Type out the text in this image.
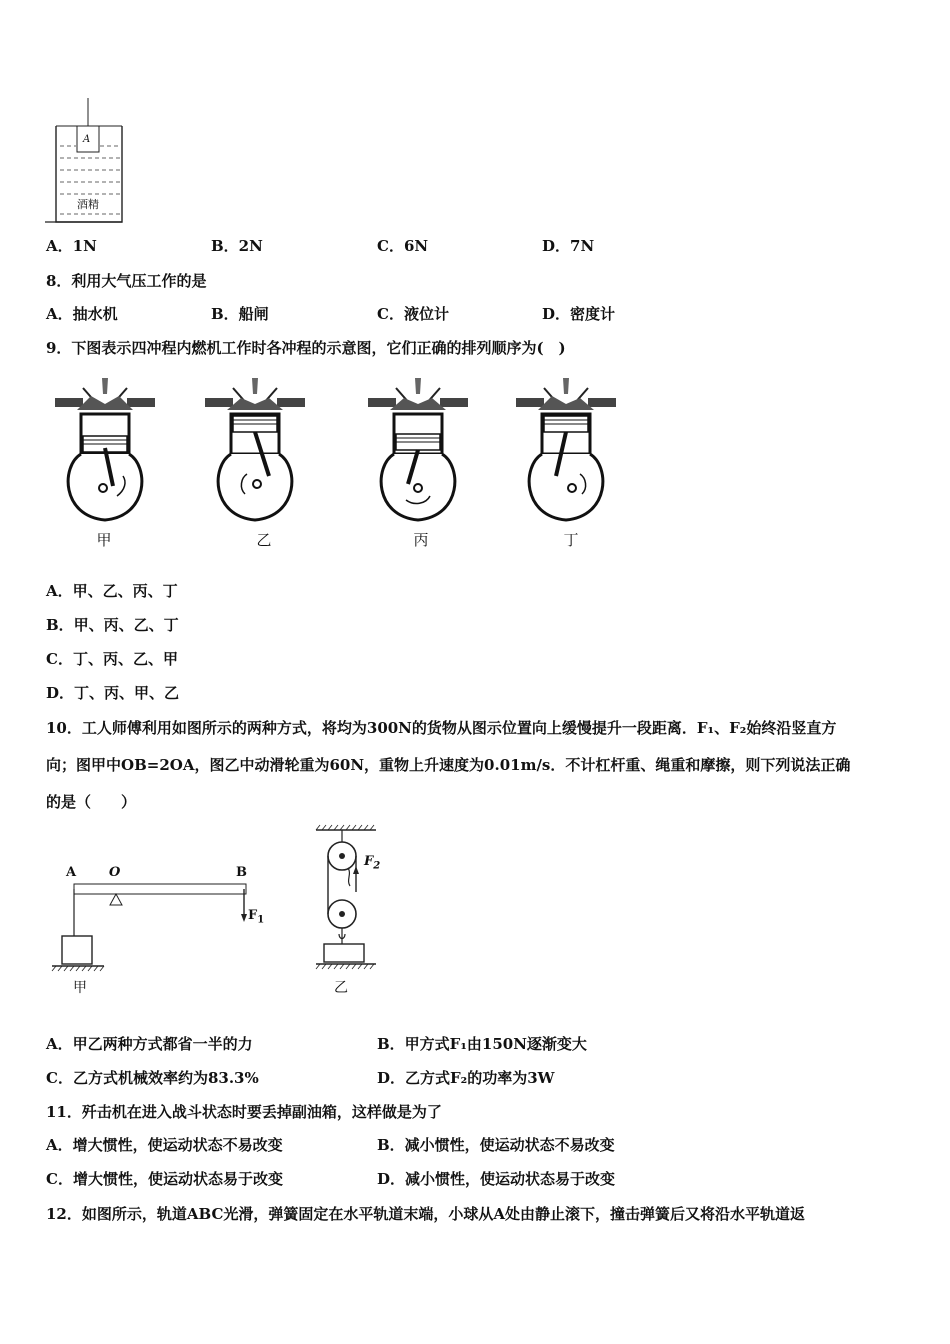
A
酒精
A．1N	B．2N	C．6N	D．7N
8．利用大气压工作的是
A．抽水机	B．船闸	C．液位计	D．密度计
9．下图表示四冲程内燃机工作时各冲程的示意图，它们正确的排列顺序为(　)
甲	乙	丙	丁
A．甲、乙、丙、丁
B．甲、丙、乙、丁
C．丁、丙、乙、甲
D．丁、丙、甲、乙
10．工人师傅利用如图所示的两种方式，将均为300N的货物从图示位置向上缓慢提升一段距离．F₁、F₂始终沿竖直方
向；图甲中OB=2OA，图乙中动滑轮重为60N，重物上升速度为0.01m/s．不计杠杆重、绳重和摩擦，则下列说法正确
的是（　　）
A	O	B
$F_1$
甲
$F_2$
乙
A．甲乙两种方式都省一半的力	B．甲方式F₁由150N逐渐变大
C．乙方式机械效率约为83.3%	D．乙方式F₂的功率为3W
11．歼击机在进入战斗状态时要丢掉副油箱，这样做是为了
A．增大惯性，使运动状态不易改变	B．减小惯性，使运动状态不易改变
C．增大惯性，使运动状态易于改变	D．减小惯性，使运动状态易于改变
12．如图所示，轨道ABC光滑，弹簧固定在水平轨道末端，小球从A处由静止滚下，撞击弹簧后又将沿水平轨道返
